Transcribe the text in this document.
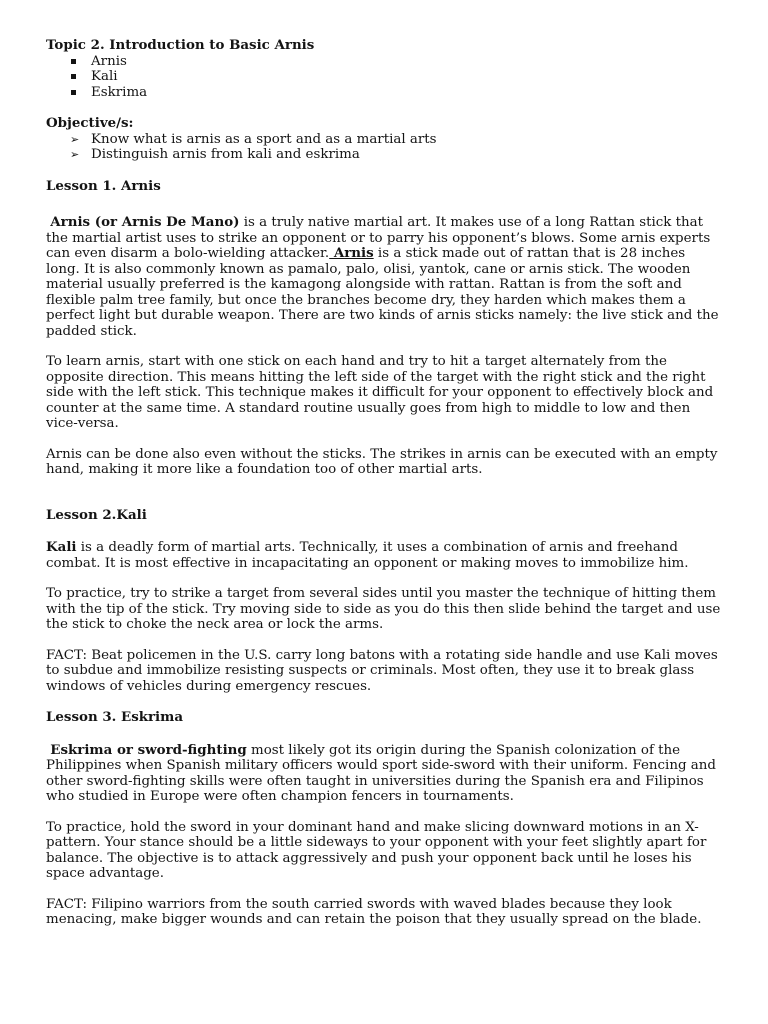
Topic 2. Introduction to Basic Arnis

Arnis
Kali
Eskrima

Objective/s:

➢ Know what is arnis as a sport and as a martial arts
➢ Distinguish arnis from kali and eskrima

Lesson 1. Arnis

Arnis (or Arnis De Mano) is a truly native martial art. It makes use of a long Rattan stick that the martial artist uses to strike an opponent or to parry his opponent’s blows. Some arnis experts can even disarm a bolo-wielding attacker. Arnis is a stick made out of rattan that is 28 inches long. It is also commonly known as pamalo, palo, olisi, yantok, cane or arnis stick. The wooden material usually preferred is the kamagong alongside with rattan. Rattan is from the soft and flexible palm tree family, but once the branches become dry, they harden which makes them a perfect light but durable weapon. There are two kinds of arnis sticks namely: the live stick and the padded stick.

To learn arnis, start with one stick on each hand and try to hit a target alternately from the opposite direction. This means hitting the left side of the target with the right stick and the right side with the left stick. This technique makes it difficult for your opponent to effectively block and counter at the same time. A standard routine usually goes from high to middle to low and then vice-versa.

Arnis can be done also even without the sticks. The strikes in arnis can be executed with an empty hand, making it more like a foundation too of other martial arts.

Lesson 2.Kali

Kali is a deadly form of martial arts. Technically, it uses a combination of arnis and freehand combat. It is most effective in incapacitating an opponent or making moves to immobilize him.

To practice, try to strike a target from several sides until you master the technique of hitting them with the tip of the stick. Try moving side to side as you do this then slide behind the target and use the stick to choke the neck area or lock the arms.

FACT: Beat policemen in the U.S. carry long batons with a rotating side handle and use Kali moves to subdue and immobilize resisting suspects or criminals. Most often, they use it to break glass windows of vehicles during emergency rescues.

Lesson 3. Eskrima

Eskrima or sword-fighting most likely got its origin during the Spanish colonization of the Philippines when Spanish military officers would sport side-sword with their uniform. Fencing and other sword-fighting skills were often taught in universities during the Spanish era and Filipinos who studied in Europe were often champion fencers in tournaments.

To practice, hold the sword in your dominant hand and make slicing downward motions in an X-pattern. Your stance should be a little sideways to your opponent with your feet slightly apart for balance. The objective is to attack aggressively and push your opponent back until he loses his space advantage.

FACT: Filipino warriors from the south carried swords with waved blades because they look menacing, make bigger wounds and can retain the poison that they usually spread on the blade.
